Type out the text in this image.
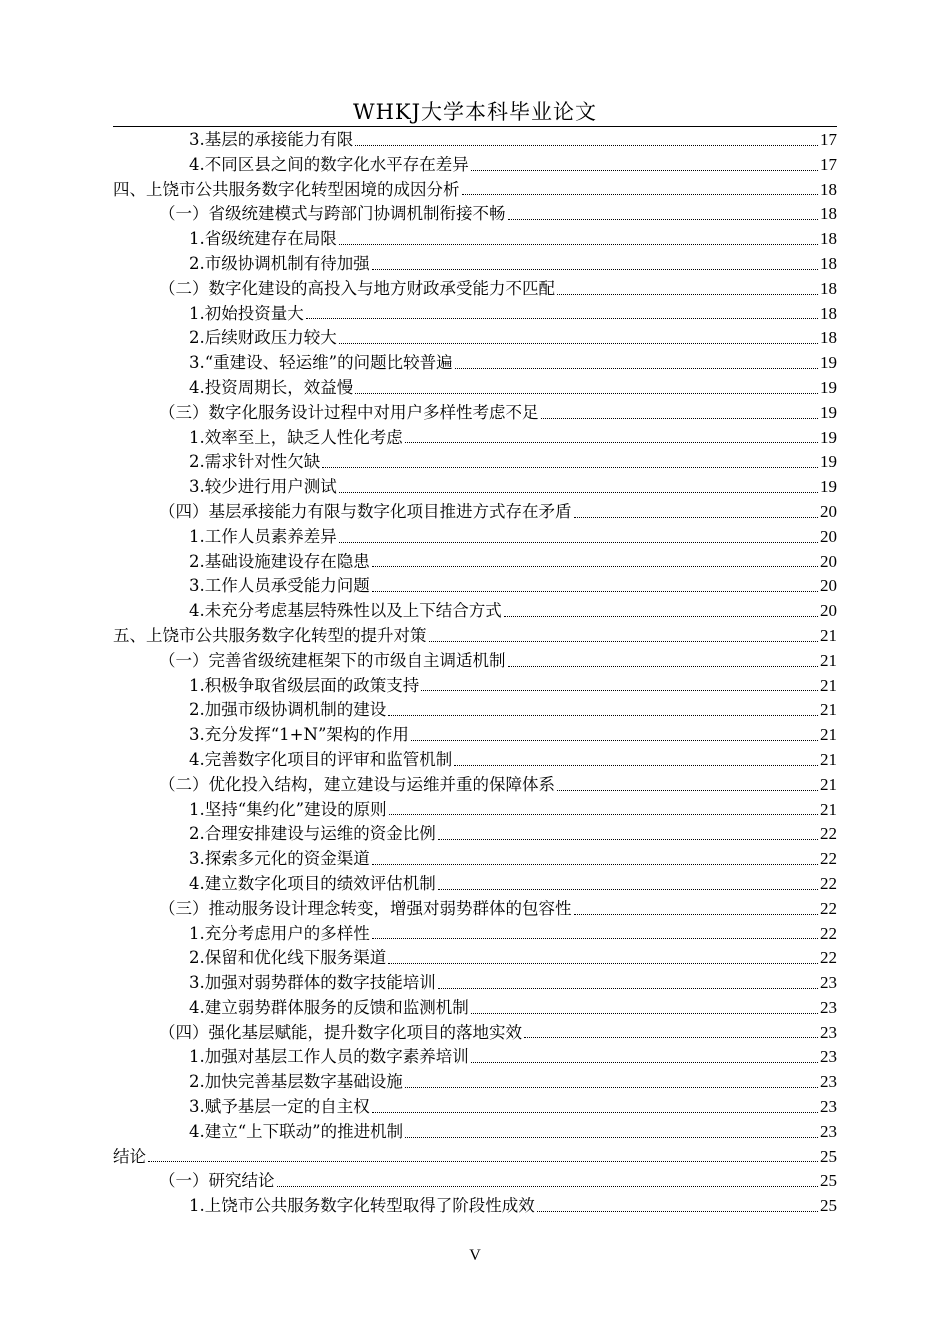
WHKJ大学本科毕业论文
3.基层的承接能力有限	17
4.不同区县之间的数字化水平存在差异	17
四、上饶市公共服务数字化转型困境的成因分析	18
（一）省级统建模式与跨部门协调机制衔接不畅	18
1.省级统建存在局限	18
2.市级协调机制有待加强	18
（二）数字化建设的高投入与地方财政承受能力不匹配	18
1.初始投资量大	18
2.后续财政压力较大	18
3.“重建设、轻运维”的问题比较普遍	19
4.投资周期长，效益慢	19
（三）数字化服务设计过程中对用户多样性考虑不足	19
1.效率至上，缺乏人性化考虑	19
2.需求针对性欠缺	19
3.较少进行用户测试	19
（四）基层承接能力有限与数字化项目推进方式存在矛盾	20
1.工作人员素养差异	20
2.基础设施建设存在隐患	20
3.工作人员承受能力问题	20
4.未充分考虑基层特殊性以及上下结合方式	20
五、上饶市公共服务数字化转型的提升对策	21
（一）完善省级统建框架下的市级自主调适机制	21
1.积极争取省级层面的政策支持	21
2.加强市级协调机制的建设	21
3.充分发挥“1+N”架构的作用	21
4.完善数字化项目的评审和监管机制	21
（二）优化投入结构，建立建设与运维并重的保障体系	21
1.坚持“集约化”建设的原则	21
2.合理安排建设与运维的资金比例	22
3.探索多元化的资金渠道	22
4.建立数字化项目的绩效评估机制	22
（三）推动服务设计理念转变，增强对弱势群体的包容性	22
1.充分考虑用户的多样性	22
2.保留和优化线下服务渠道	22
3.加强对弱势群体的数字技能培训	23
4.建立弱势群体服务的反馈和监测机制	23
（四）强化基层赋能，提升数字化项目的落地实效	23
1.加强对基层工作人员的数字素养培训	23
2.加快完善基层数字基础设施	23
3.赋予基层一定的自主权	23
4.建立“上下联动”的推进机制	23
结论	25
（一）研究结论	25
1.上饶市公共服务数字化转型取得了阶段性成效	25
V
